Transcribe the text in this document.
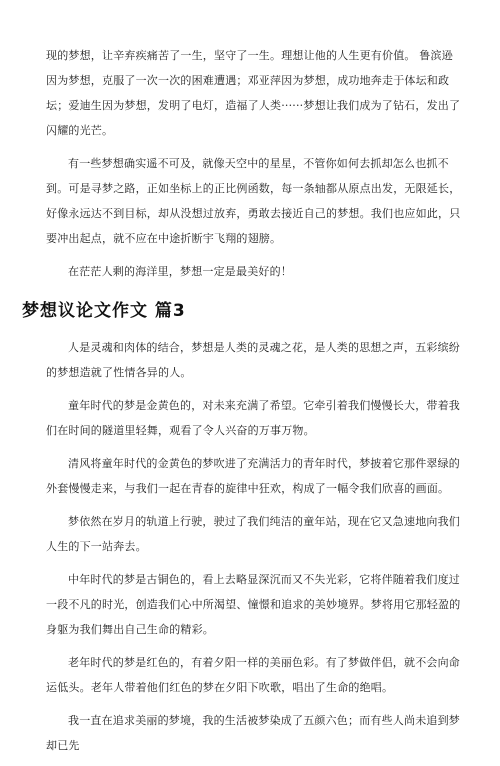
现的梦想，让辛弃疾痛苦了一生，坚守了一生。理想让他的人生更有价值。 鲁滨逊因为梦想，克服了一次一次的困难遭遇；邓亚萍因为梦想，成功地奔走于体坛和政坛；爱迪生因为梦想，发明了电灯，造福了人类······梦想让我们成为了钻石，发出了闪耀的光芒。

有一些梦想确实遥不可及，就像天空中的星星，不管你如何去抓却怎么也抓不到。可是寻梦之路，正如坐标上的正比例函数，每一条轴都从原点出发，无限延长，好像永远达不到目标，却从没想过放弃，勇敢去接近自己的梦想。我们也应如此，只要冲出起点，就不应在中途折断宇飞翔的翅膀。

在茫茫人剩的海洋里，梦想一定是最美好的！

梦想议论文作文 篇3

人是灵魂和肉体的结合，梦想是人类的灵魂之花，是人类的思想之声，五彩缤纷的梦想造就了性情各异的人。

童年时代的梦是金黄色的，对未来充满了希望。它牵引着我们慢慢长大，带着我们在时间的隧道里轻舞，观看了令人兴奋的万事万物。

清风将童年时代的金黄色的梦吹进了充满活力的青年时代，梦披着它那件翠绿的外套慢慢走来，与我们一起在青春的旋律中狂欢，构成了一幅令我们欣喜的画面。

梦依然在岁月的轨道上行驶，驶过了我们纯洁的童年站，现在它又急速地向我们人生的下一站奔去。

中年时代的梦是古铜色的，看上去略显深沉而又不失光彩，它将伴随着我们度过一段不凡的时光，创造我们心中所渴望、憧憬和追求的美妙境界。梦将用它那轻盈的身躯为我们舞出自己生命的精彩。

老年时代的梦是红色的，有着夕阳一样的美丽色彩。有了梦做伴侣，就不会向命运低头。老年人带着他们红色的梦在夕阳下吹歌，唱出了生命的绝唱。

我一直在追求美丽的梦境，我的生活被梦染成了五颜六色；而有些人尚未追到梦却已先
